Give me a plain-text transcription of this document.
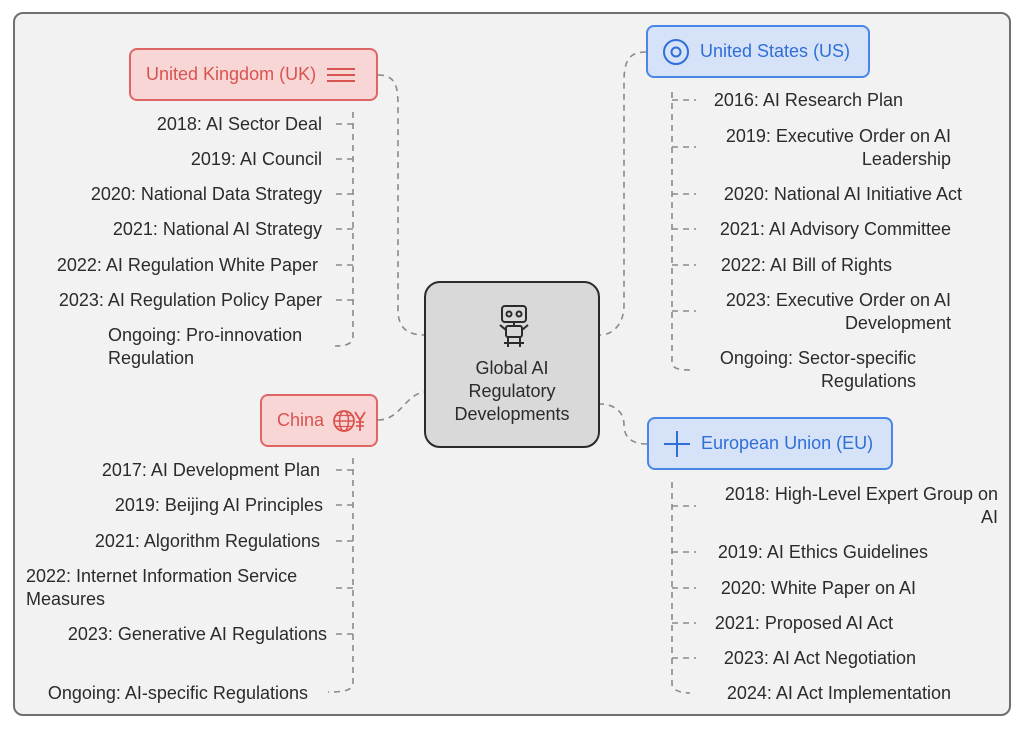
Global AI
Regulatory
Developments
United Kingdom (UK)
United States (US)
China
European Union (EU)
2018: AI Sector Deal
2019: AI Council
2020: National Data Strategy
2021: National AI Strategy
2022: AI Regulation White Paper
2023: AI Regulation Policy Paper
Ongoing: Pro-innovation
Regulation
2016: AI Research Plan
2019: Executive Order on AI
Leadership
2020: National AI Initiative Act
2021: AI Advisory Committee
2022: AI Bill of Rights
2023: Executive Order on AI
Development
Ongoing: Sector-specific
Regulations
2017: AI Development Plan
2019: Beijing AI Principles
2021: Algorithm Regulations
2022: Internet Information Service
Measures
2023: Generative AI Regulations
Ongoing: AI-specific Regulations
2018: High-Level Expert Group on
AI
2019: AI Ethics Guidelines
2020: White Paper on AI
2021: Proposed AI Act
2023: AI Act Negotiation
2024: AI Act Implementation
